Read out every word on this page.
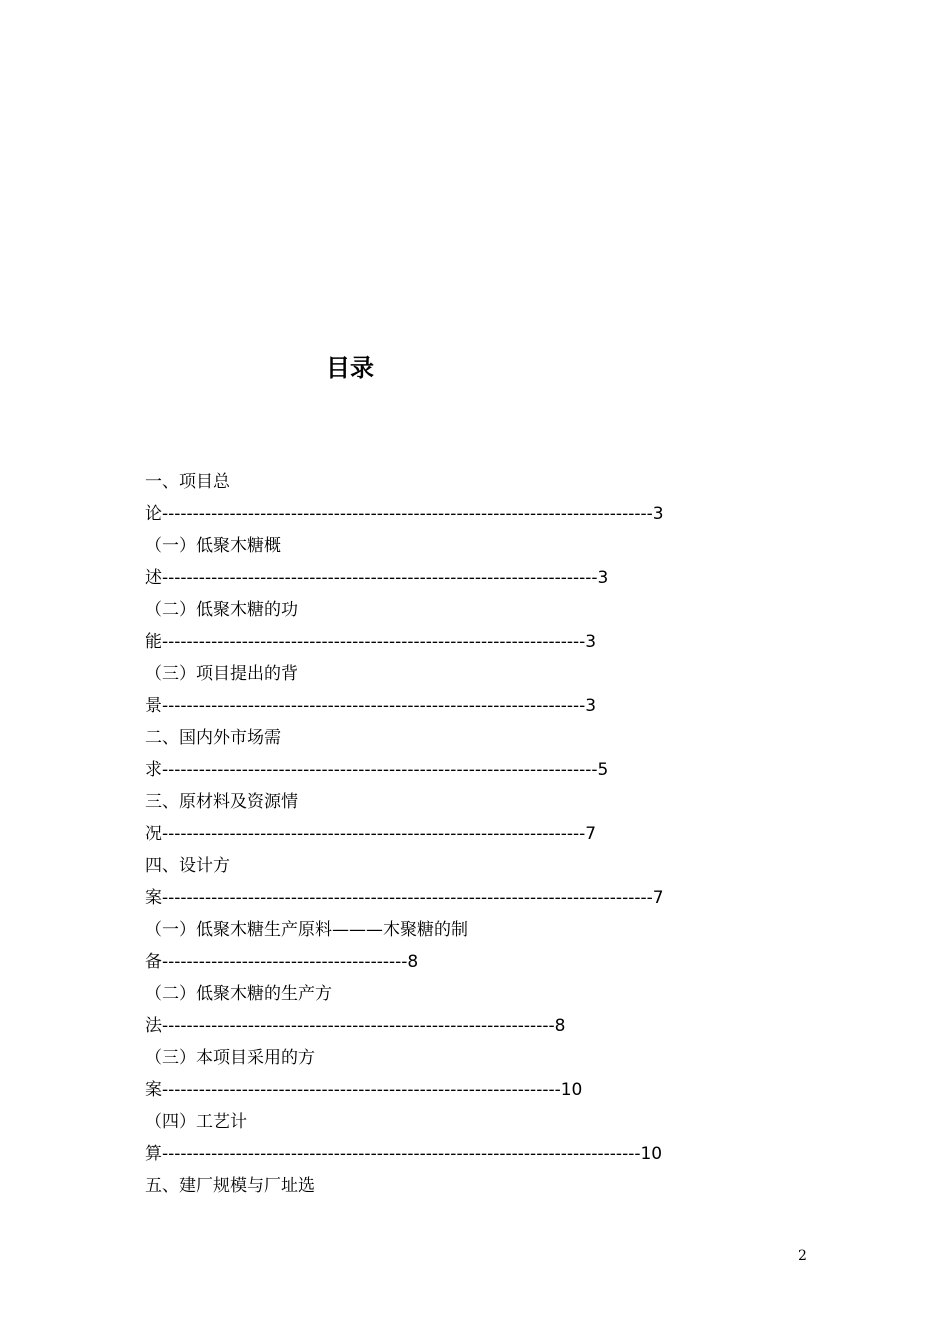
目录
一、项目总
论--------------------------------------------------------------------------------3
（一）低聚木糖概
述-----------------------------------------------------------------------3
（二）低聚木糖的功
能---------------------------------------------------------------------3
（三）项目提出的背
景---------------------------------------------------------------------3
二、国内外市场需
求-----------------------------------------------------------------------5
三、原材料及资源情
况---------------------------------------------------------------------7
四、设计方
案--------------------------------------------------------------------------------7
（一）低聚木糖生产原料———木聚糖的制
备----------------------------------------8
（二）低聚木糖的生产方
法----------------------------------------------------------------8
（三）本项目采用的方
案-----------------------------------------------------------------10
（四）工艺计
算------------------------------------------------------------------------------10
五、建厂规模与厂址选
2
